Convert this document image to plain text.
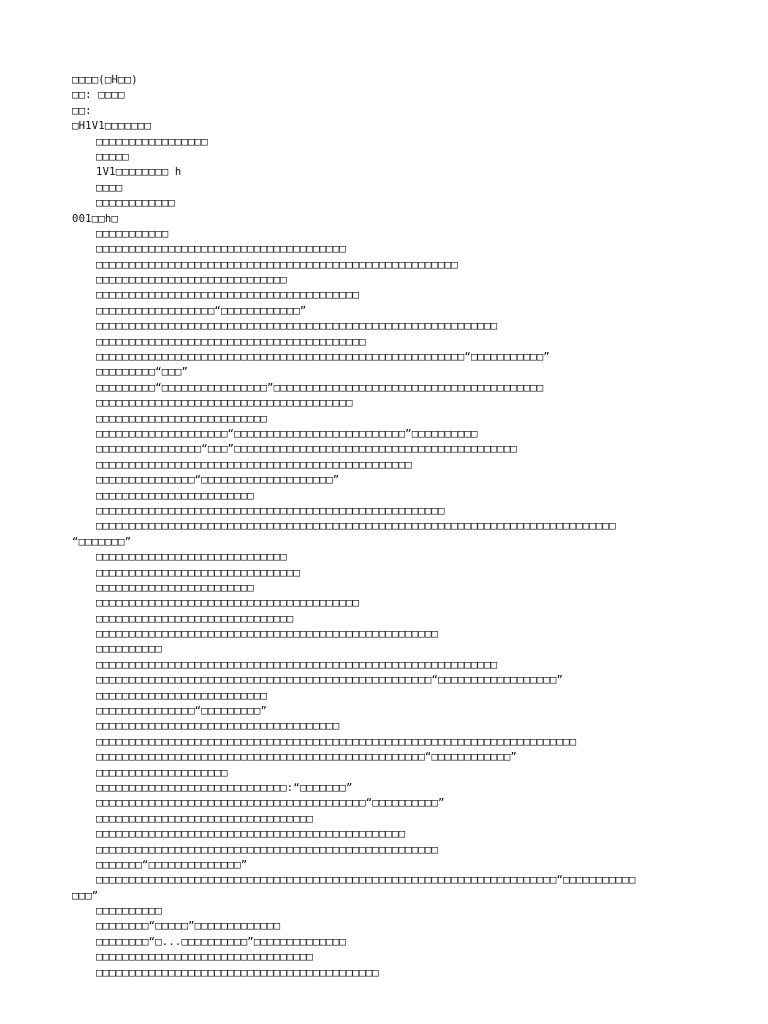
□□□□(□H□□)
□□: □□□□
□□:
□H1V1□□□□□□□
□□□□□□□□□□□□□□□□□
□□□□□
1V1□□□□□□□□ h
□□□□
□□□□□□□□□□□□
001□□h□
□□□□□□□□□□□
□□□□□□□□□□□□□□□□□□□□□□□□□□□□□□□□□□□□□□
□□□□□□□□□□□□□□□□□□□□□□□□□□□□□□□□□□□□□□□□□□□□□□□□□□□□□□□
□□□□□□□□□□□□□□□□□□□□□□□□□□□□□
□□□□□□□□□□□□□□□□□□□□□□□□□□□□□□□□□□□□□□□□
□□□□□□□□□□□□□□□□□□“□□□□□□□□□□□□”
□□□□□□□□□□□□□□□□□□□□□□□□□□□□□□□□□□□□□□□□□□□□□□□□□□□□□□□□□□□□□
□□□□□□□□□□□□□□□□□□□□□□□□□□□□□□□□□□□□□□□□□
□□□□□□□□□□□□□□□□□□□□□□□□□□□□□□□□□□□□□□□□□□□□□□□□□□□□□□□□“□□□□□□□□□□□”
□□□□□□□□□“□□□”
□□□□□□□□□“□□□□□□□□□□□□□□□□”□□□□□□□□□□□□□□□□□□□□□□□□□□□□□□□□□□□□□□□□□
□□□□□□□□□□□□□□□□□□□□□□□□□□□□□□□□□□□□□□□
□□□□□□□□□□□□□□□□□□□□□□□□□□
□□□□□□□□□□□□□□□□□□□□“□□□□□□□□□□□□□□□□□□□□□□□□□□”□□□□□□□□□□
□□□□□□□□□□□□□□□□“□□□”□□□□□□□□□□□□□□□□□□□□□□□□□□□□□□□□□□□□□□□□□□□
□□□□□□□□□□□□□□□□□□□□□□□□□□□□□□□□□□□□□□□□□□□□□□□□
□□□□□□□□□□□□□□□“□□□□□□□□□□□□□□□□□□□□”
□□□□□□□□□□□□□□□□□□□□□□□□
□□□□□□□□□□□□□□□□□□□□□□□□□□□□□□□□□□□□□□□□□□□□□□□□□□□□□
□□□□□□□□□□□□□□□□□□□□□□□□□□□□□□□□□□□□□□□□□□□□□□□□□□□□□□□□□□□□□□□□□□□□□□□□□□□□□□□
“□□□□□□□”
□□□□□□□□□□□□□□□□□□□□□□□□□□□□□
□□□□□□□□□□□□□□□□□□□□□□□□□□□□□□□
□□□□□□□□□□□□□□□□□□□□□□□□
□□□□□□□□□□□□□□□□□□□□□□□□□□□□□□□□□□□□□□□□
□□□□□□□□□□□□□□□□□□□□□□□□□□□□□□
□□□□□□□□□□□□□□□□□□□□□□□□□□□□□□□□□□□□□□□□□□□□□□□□□□□□
□□□□□□□□□□
□□□□□□□□□□□□□□□□□□□□□□□□□□□□□□□□□□□□□□□□□□□□□□□□□□□□□□□□□□□□□
□□□□□□□□□□□□□□□□□□□□□□□□□□□□□□□□□□□□□□□□□□□□□□□□□□□“□□□□□□□□□□□□□□□□□□”
□□□□□□□□□□□□□□□□□□□□□□□□□□
□□□□□□□□□□□□□□□“□□□□□□□□□”
□□□□□□□□□□□□□□□□□□□□□□□□□□□□□□□□□□□□□
□□□□□□□□□□□□□□□□□□□□□□□□□□□□□□□□□□□□□□□□□□□□□□□□□□□□□□□□□□□□□□□□□□□□□□□□□
□□□□□□□□□□□□□□□□□□□□□□□□□□□□□□□□□□□□□□□□□□□□□□□□□□“□□□□□□□□□□□□”
□□□□□□□□□□□□□□□□□□□□
□□□□□□□□□□□□□□□□□□□□□□□□□□□□□:“□□□□□□□”
□□□□□□□□□□□□□□□□□□□□□□□□□□□□□□□□□□□□□□□□□“□□□□□□□□□□”
□□□□□□□□□□□□□□□□□□□□□□□□□□□□□□□□□
□□□□□□□□□□□□□□□□□□□□□□□□□□□□□□□□□□□□□□□□□□□□□□□
□□□□□□□□□□□□□□□□□□□□□□□□□□□□□□□□□□□□□□□□□□□□□□□□□□□□
□□□□□□□“□□□□□□□□□□□□□□”
□□□□□□□□□□□□□□□□□□□□□□□□□□□□□□□□□□□□□□□□□□□□□□□□□□□□□□□□□□□□□□□□□□□□□□“□□□□□□□□□□□
□□□”
□□□□□□□□□□
□□□□□□□□“□□□□□”□□□□□□□□□□□□□
□□□□□□□□“□...□□□□□□□□□□”□□□□□□□□□□□□□□
□□□□□□□□□□□□□□□□□□□□□□□□□□□□□□□□□
□□□□□□□□□□□□□□□□□□□□□□□□□□□□□□□□□□□□□□□□□□□
